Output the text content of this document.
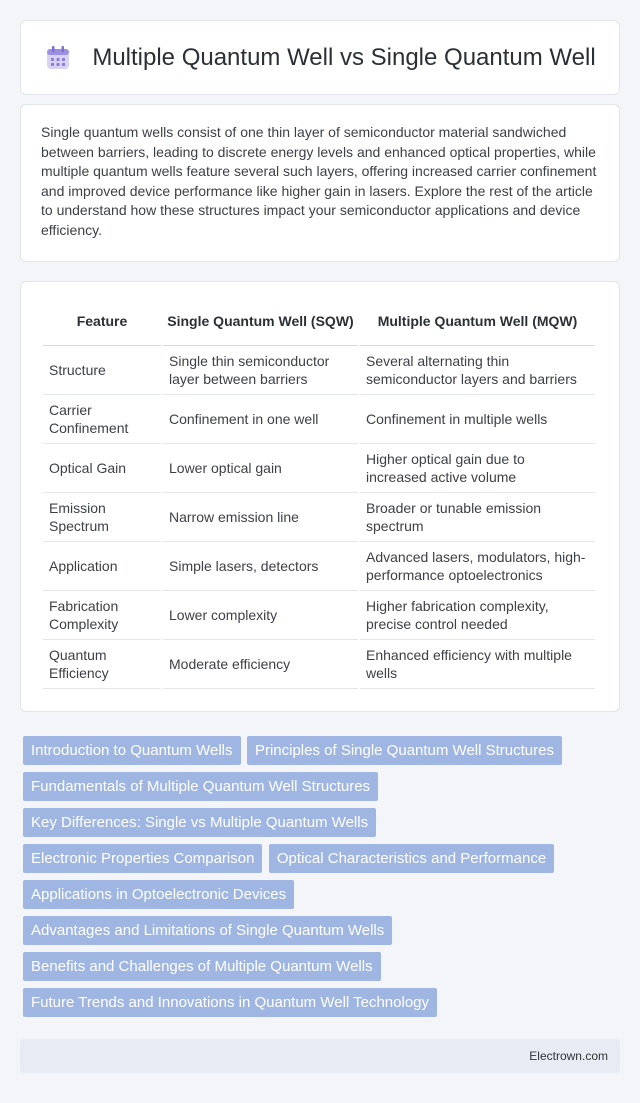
Multiple Quantum Well vs Single Quantum Well

Single quantum wells consist of one thin layer of semiconductor material sandwiched between barriers, leading to discrete energy levels and enhanced optical properties, while multiple quantum wells feature several such layers, offering increased carrier confinement and improved device performance like higher gain in lasers. Explore the rest of the article to understand how these structures impact your semiconductor applications and device efficiency.

Feature	Single Quantum Well (SQW)	Multiple Quantum Well (MQW)
Structure	Single thin semiconductor layer between barriers	Several alternating thin semiconductor layers and barriers
Carrier Confinement	Confinement in one well	Confinement in multiple wells
Optical Gain	Lower optical gain	Higher optical gain due to increased active volume
Emission Spectrum	Narrow emission line	Broader or tunable emission spectrum
Application	Simple lasers, detectors	Advanced lasers, modulators, high-performance optoelectronics
Fabrication Complexity	Lower complexity	Higher fabrication complexity, precise control needed
Quantum Efficiency	Moderate efficiency	Enhanced efficiency with multiple wells
Introduction to Quantum Wells Principles of Single Quantum Well Structures Fundamentals of Multiple Quantum Well Structures Key Differences: Single vs Multiple Quantum Wells Electronic Properties Comparison Optical Characteristics and Performance Applications in Optoelectronic Devices Advantages and Limitations of Single Quantum Wells Benefits and Challenges of Multiple Quantum Wells Future Trends and Innovations in Quantum Well Technology
Electrown.com
